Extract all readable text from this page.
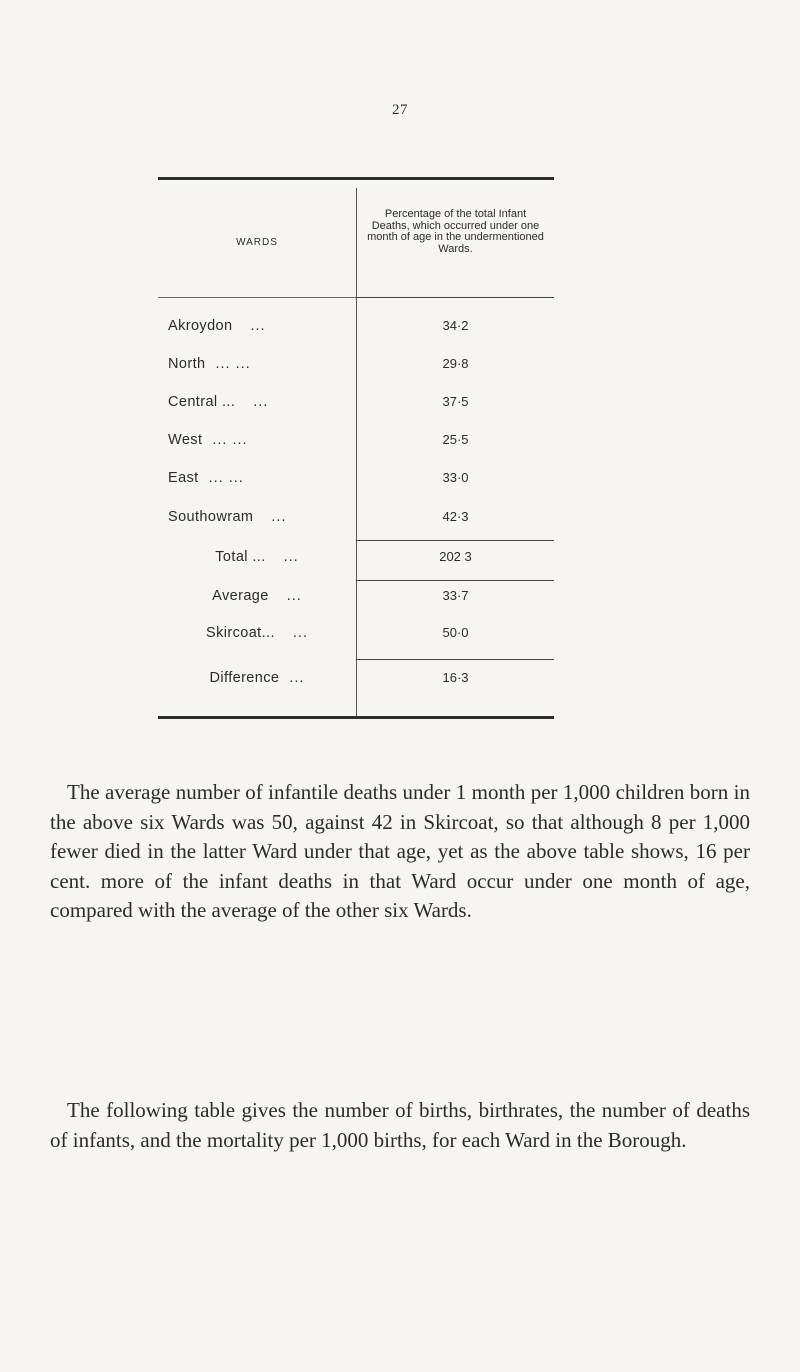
27
WARDS
Percentage of the total Infant Deaths, which occurred under one month of age in the undermentioned Wards.
Akroydon ...	34·2
North ... ...	29·8
Central ... ...	37·5
West ... ...	25·5
East ... ...	33·0
Southowram ...	42·3
Total ... ...	202 3
Average ...	33·7
Skircoat... ...	50·0
Difference ...	16·3

The average number of infantile deaths under 1 month per 1,000 children born in the above six Wards was 50, against 42 in Skircoat, so that although 8 per 1,000 fewer died in the latter Ward under that age, yet as the above table shows, 16 per cent. more of the infant deaths in that Ward occur under one month of age, compared with the average of the other six Wards.

The following table gives the number of births, birthrates, the number of deaths of infants, and the mortality per 1,000 births, for each Ward in the Borough.
